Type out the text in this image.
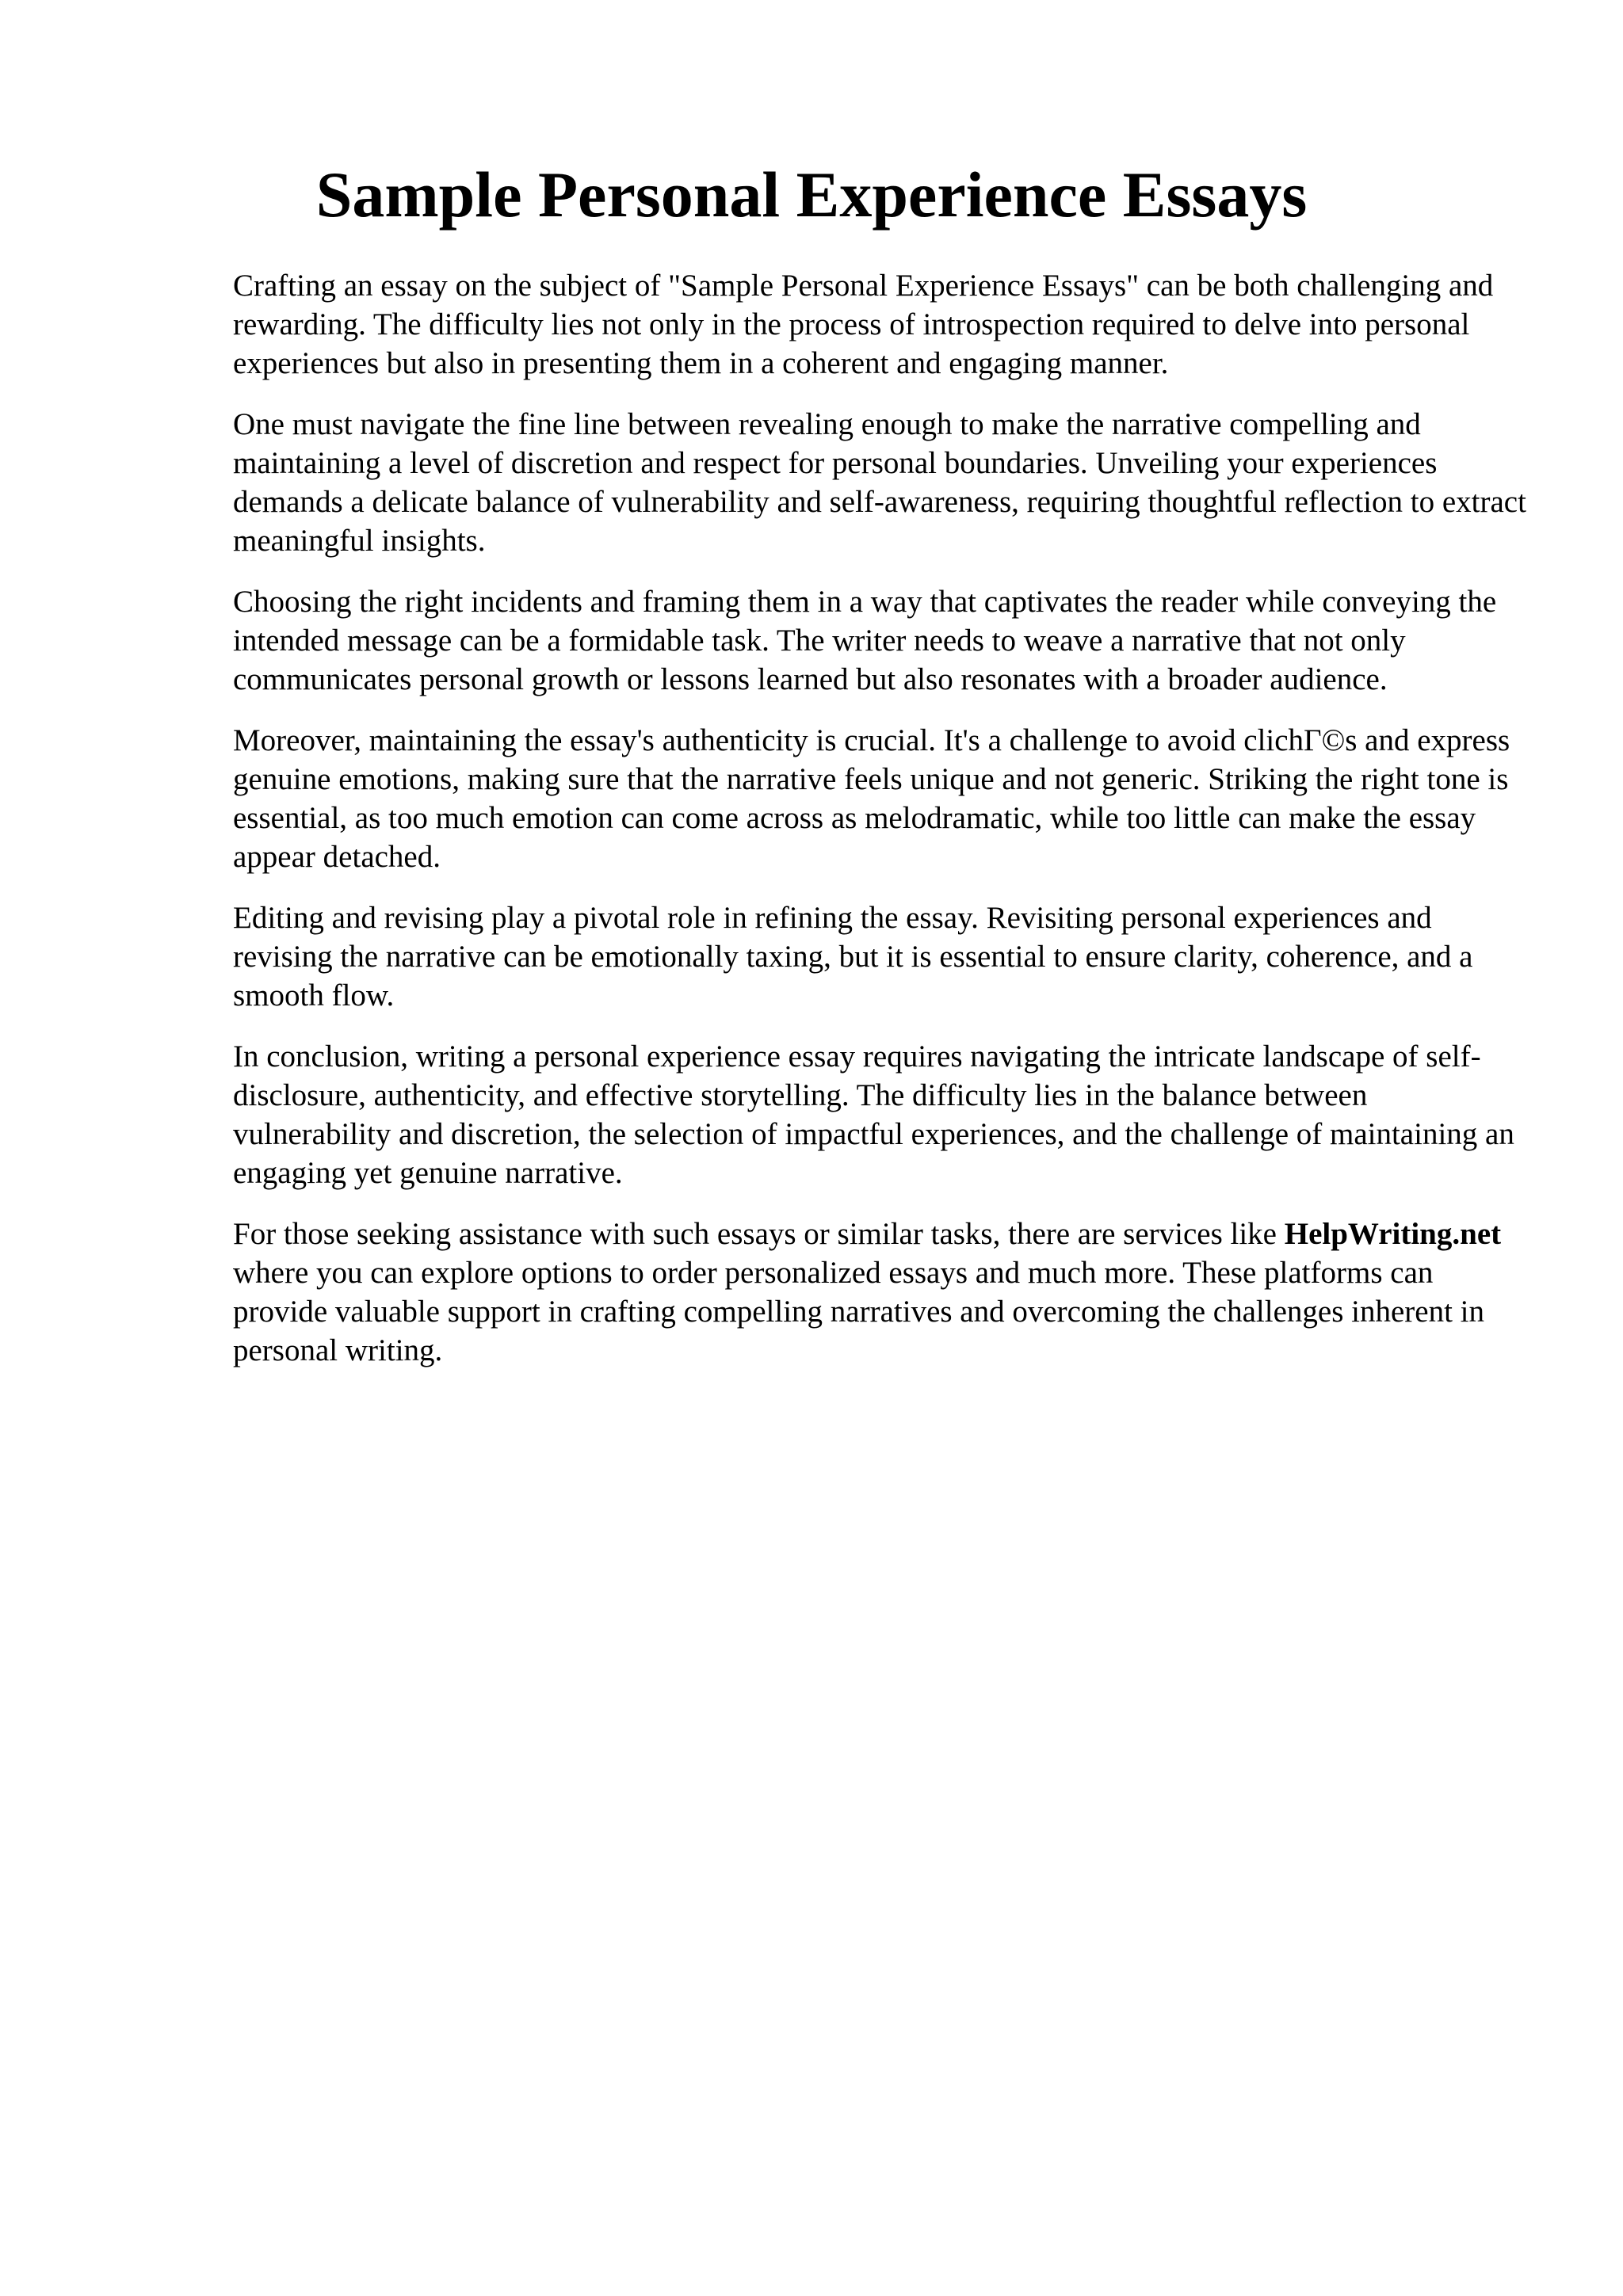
Sample Personal Experience Essays

Crafting an essay on the subject of "Sample Personal Experience Essays" can be both challenging and rewarding. The difficulty lies not only in the process of introspection required to delve into personal experiences but also in presenting them in a coherent and engaging manner.

One must navigate the fine line between revealing enough to make the narrative compelling and maintaining a level of discretion and respect for personal boundaries. Unveiling your experiences demands a delicate balance of vulnerability and self-awareness, requiring thoughtful reflection to extract meaningful insights.

Choosing the right incidents and framing them in a way that captivates the reader while conveying the intended message can be a formidable task. The writer needs to weave a narrative that not only communicates personal growth or lessons learned but also resonates with a broader audience.

Moreover, maintaining the essay's authenticity is crucial. It's a challenge to avoid clichГ©s and express genuine emotions, making sure that the narrative feels unique and not generic. Striking the right tone is essential, as too much emotion can come across as melodramatic, while too little can make the essay appear detached.

Editing and revising play a pivotal role in refining the essay. Revisiting personal experiences and revising the narrative can be emotionally taxing, but it is essential to ensure clarity, coherence, and a smooth flow.

In conclusion, writing a personal experience essay requires navigating the intricate landscape of self-disclosure, authenticity, and effective storytelling. The difficulty lies in the balance between vulnerability and discretion, the selection of impactful experiences, and the challenge of maintaining an engaging yet genuine narrative.

For those seeking assistance with such essays or similar tasks, there are services like HelpWriting.net where you can explore options to order personalized essays and much more. These platforms can provide valuable support in crafting compelling narratives and overcoming the challenges inherent in personal writing.
